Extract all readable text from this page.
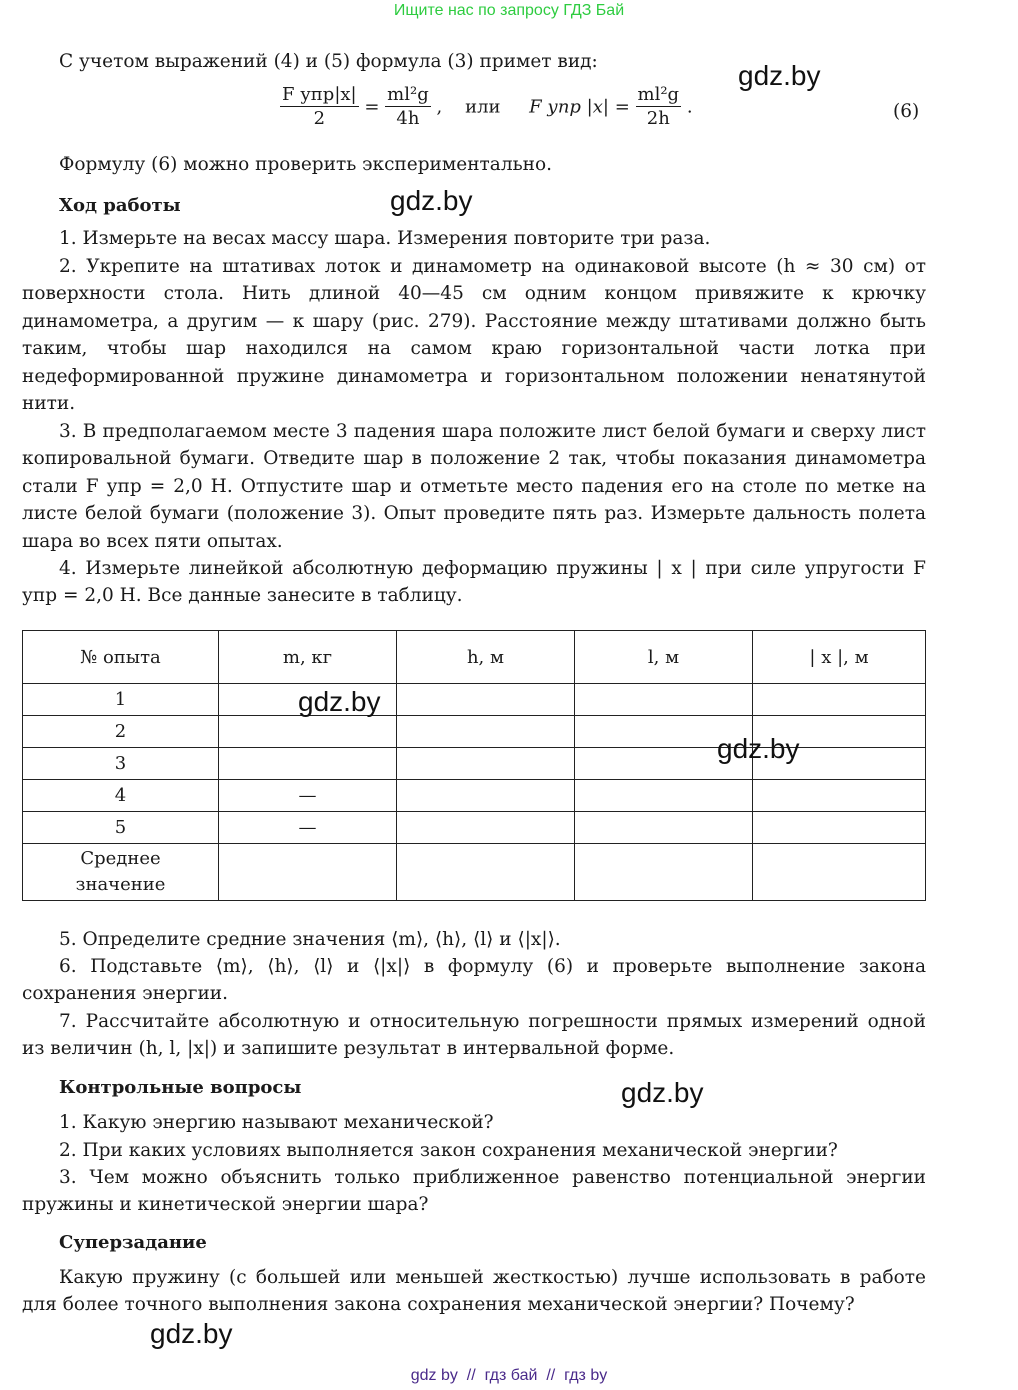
Ищите нас по запросу ГДЗ Бай
gdz.by
gdz.by
gdz.by
gdz.by
gdz.by
gdz.by
С учетом выражений (4) и (5) формула (3) примет вид:
$\frac{\text{F упр|x|}}{2} = \frac{\text{ml²g}}{4h}$ ,    или F упр $|x| = \frac{\text{ml²g}}{2h}$ .	(6)
Формулу (6) можно проверить экспериментально.
Ход работы
1. Измерьте на весах массу шара. Измерения повторите три раза.
2. Укрепите на штативах лоток и динамометр на одинаковой высоте (h ≈ 30 см) от поверхности стола. Нить длиной 40—45 см одним концом привяжите к крючку динамометра, а другим — к шару (рис. 279). Расстояние между штативами должно быть таким, чтобы шар находился на самом краю горизонтальной части лотка при недеформированной пружине динамометра и горизонтальном положении ненатянутой нити.
3. В предполагаемом месте 3 падения шара положите лист белой бумаги и сверху лист копировальной бумаги. Отведите шар в положение 2 так, чтобы показания динамометра стали F упр = 2,0 Н. Отпустите шар и отметьте место падения его на столе по метке на листе белой бумаги (положение 3). Опыт проведите пять раз. Измерьте дальность полета шара во всех пяти опытах.
4. Измерьте линейкой абсолютную деформацию пружины | x | при силе упругости F упр = 2,0 Н. Все данные занесите в таблицу.
№ опыта	m, кг	h, м	l, м	| x |, м
1				
2				
3				
4	—			
5	—			
Среднее значение				
5. Определите средние значения ⟨m⟩, ⟨h⟩, ⟨l⟩ и ⟨|x|⟩.
6. Подставьте ⟨m⟩, ⟨h⟩, ⟨l⟩ и ⟨|x|⟩ в формулу (6) и проверьте выполнение закона сохранения энергии.
7. Рассчитайте абсолютную и относительную погрешности прямых измерений одной из величин (h, l, |x|) и запишите результат в интервальной форме.
Контрольные вопросы
1. Какую энергию называют механической?
2. При каких условиях выполняется закон сохранения механической энергии?
3. Чем можно объяснить только приближенное равенство потенциальной энергии пружины и кинетической энергии шара?
Суперзадание
Какую пружину (с большей или меньшей жесткостью) лучше использовать в работе для более точного выполнения закона сохранения механической энергии? Почему?
gdz by  //  гдз бай  //  гдз by
